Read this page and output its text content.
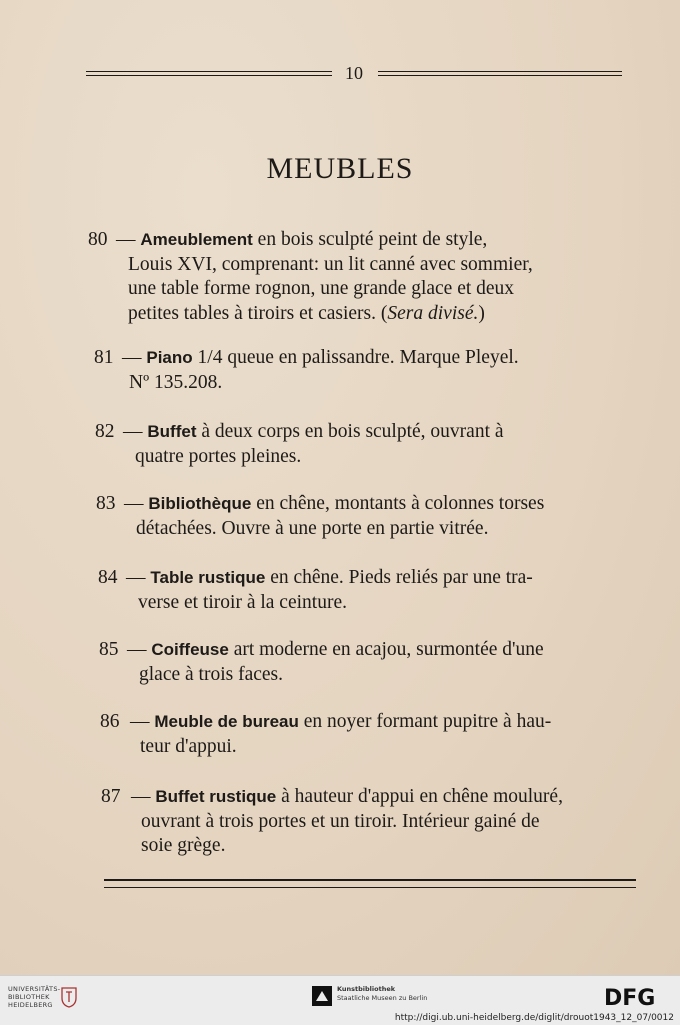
10
MEUBLES
80 — Ameublement en bois sculpté peint de style,
Louis XVI, comprenant: un lit canné avec sommier,
une table forme rognon, une grande glace et deux
petites tables à tiroirs et casiers. (Sera divisé.)
81 — Piano 1/4 queue en palissandre. Marque Pleyel.
Nº 135.208.
82 — Buffet à deux corps en bois sculpté, ouvrant à
quatre portes pleines.
83 — Bibliothèque en chêne, montants à colonnes torses
détachées. Ouvre à une porte en partie vitrée.
84 — Table rustique en chêne. Pieds reliés par une tra-
verse et tiroir à la ceinture.
85 — Coiffeuse art moderne en acajou, surmontée d'une
glace à trois faces.
86 — Meuble de bureau en noyer formant pupitre à hau-
teur d'appui.
87 — Buffet rustique à hauteur d'appui en chêne mouluré,
ouvrant à trois portes et un tiroir. Intérieur gainé de
soie grège.
UNIVERSITÄTS-
BIBLIOTHEK
HEIDELBERG
Kunstbibliothek
Staatliche Museen zu Berlin	DFG
http://digi.ub.uni-heidelberg.de/diglit/drouot1943_12_07/0012
